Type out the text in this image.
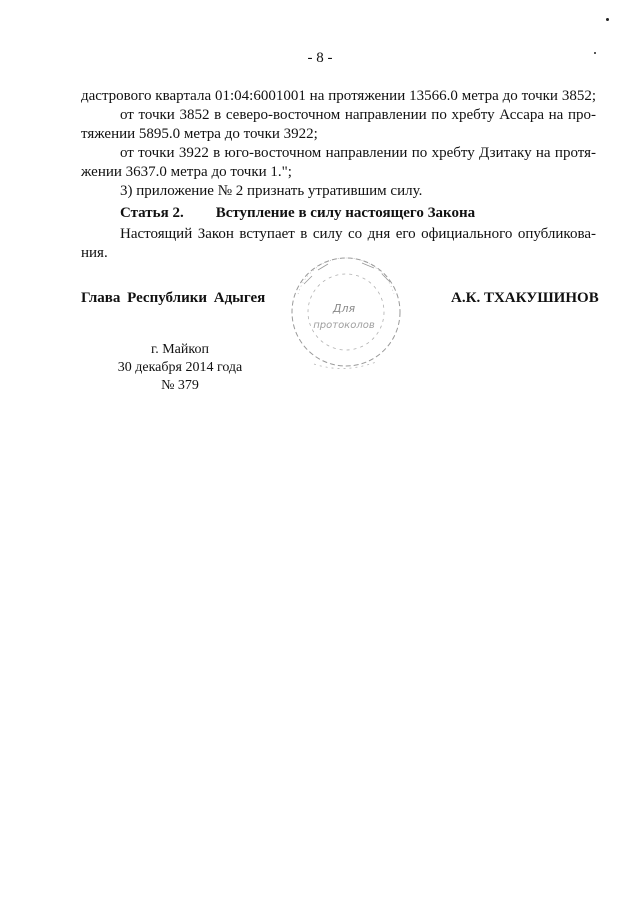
- 8 -
дастрового квартала 01:04:6001001 на протяжении 13566.0 метра до точки 3852;
от точки 3852 в северо-восточном направлении по хребту Ассара на про-
тяжении 5895.0 метра до точки 3922;
от точки 3922 в юго-восточном направлении по хребту Дзитаку на протя-
жении 3637.0 метра до точки 1.";
3) приложение № 2 признать утратившим силу.
Статья 2. Вступление в силу настоящего Закона
Настоящий Закон вступает в силу со дня его официального опубликова-
ния.
Глава Республики Адыгея
Для
протоколов
А.К. ТХАКУШИНОВ
г. Майкоп
30 декабря 2014 года
№ 379
